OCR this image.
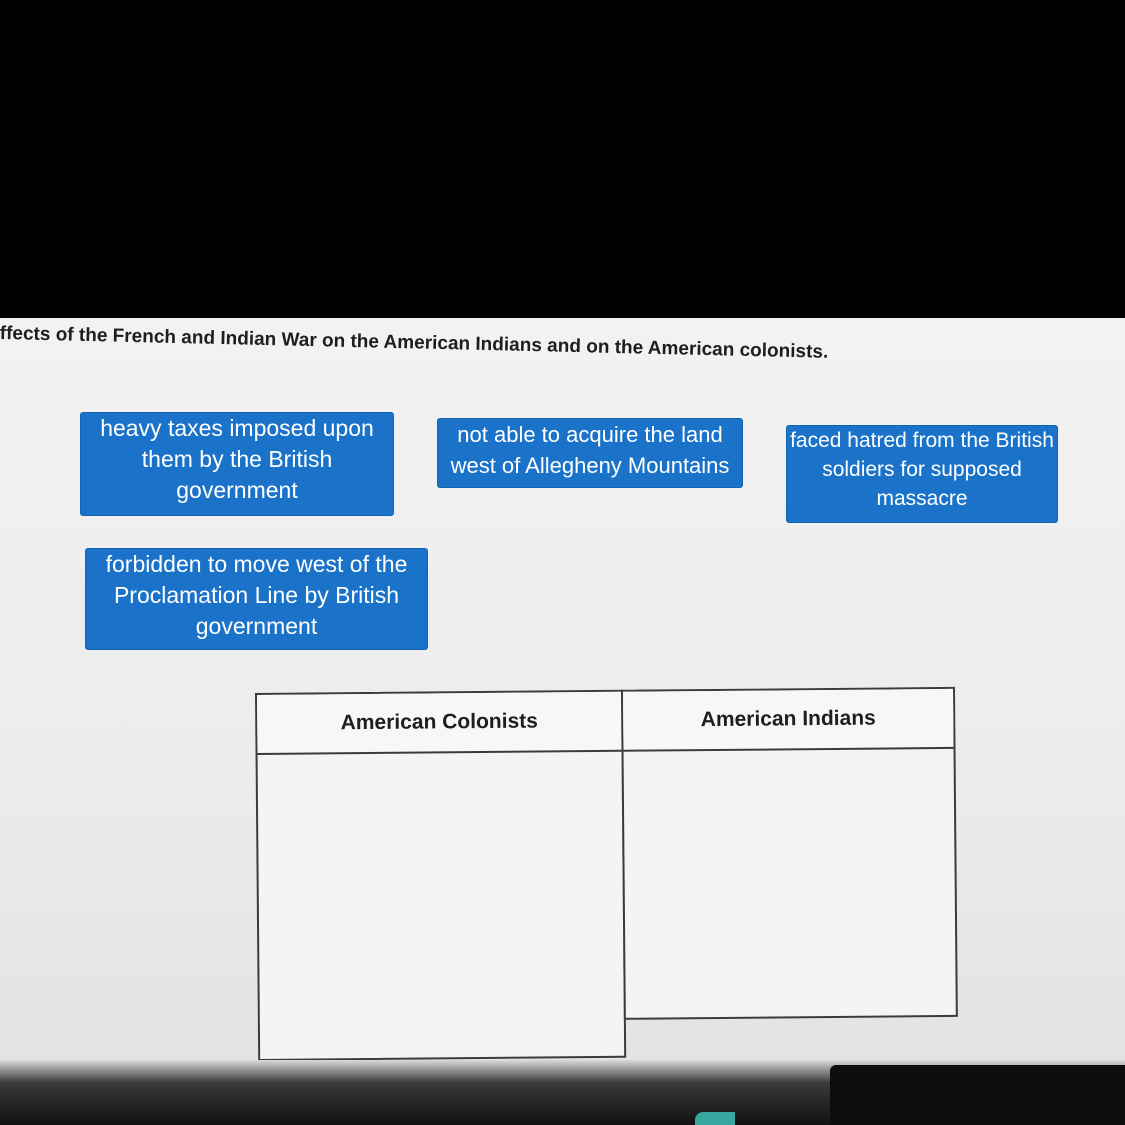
ffects of the French and Indian War on the American Indians and on the American colonists.
heavy taxes imposed upon
them by the British
government
not able to acquire the land
west of Allegheny Mountains
faced hatred from the British
soldiers for supposed
massacre
forbidden to move west of the
Proclamation Line by British
government
American Colonists	American Indians
